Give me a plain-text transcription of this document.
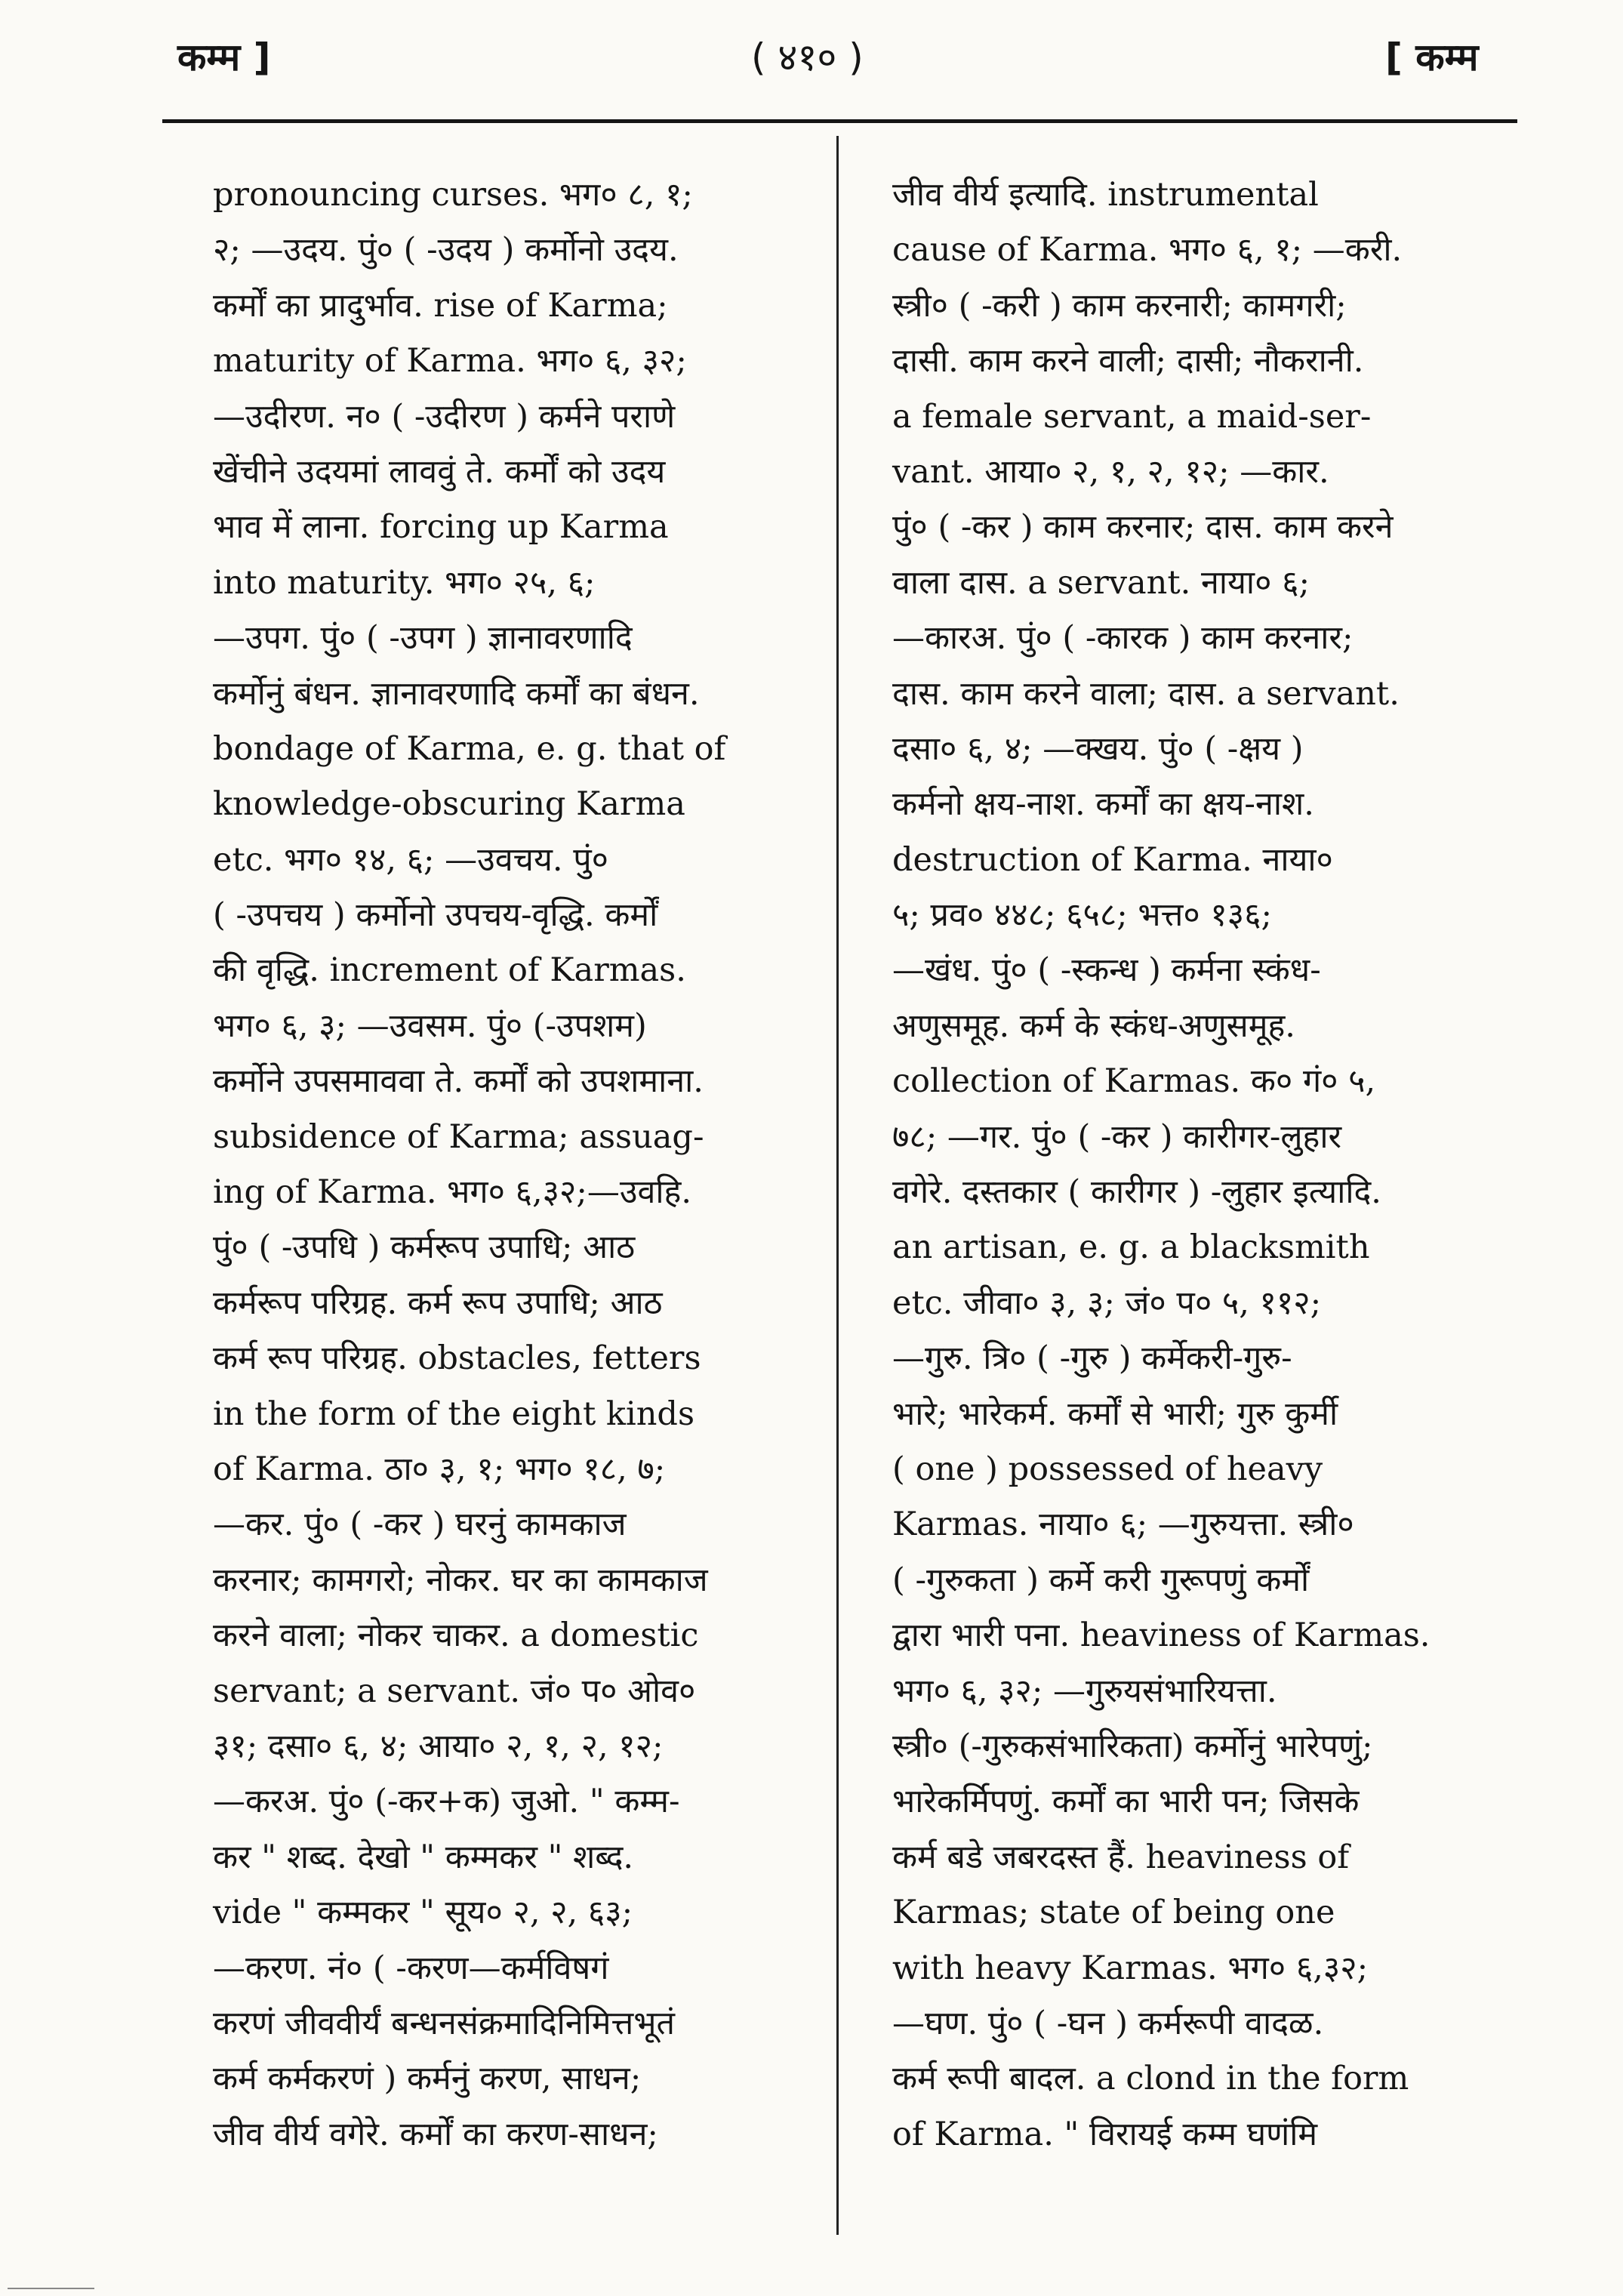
कम्म ]	( ४१० )	[ कम्म
pronouncing curses. भग० ८, १;
२; —उदय. पुं० ( -उदय ) कर्मोनो उदय.
कर्मों का प्रादुर्भाव. rise of Karma;
maturity of Karma. भग० ६, ३२;
—उदीरण. न० ( -उदीरण ) कर्मने पराणे
खेंचीने उदयमां लाववुं ते. कर्मों को उदय
भाव में लाना. forcing up Karma
into maturity. भग० २५, ६;
—उपग. पुं० ( -उपग ) ज्ञानावरणादि
कर्मोनुं बंधन. ज्ञानावरणादि कर्मों का बंधन.
bondage of Karma, e. g. that of
knowledge-obscuring Karma
etc. भग० १४, ६; —उवचय. पुं०
( -उपचय ) कर्मोनो उपचय-वृद्धि. कर्मों
की वृद्धि. increment of Karmas.
भग० ६, ३; —उवसम. पुं० (-उपशम)
कर्मोने उपसमाववा ते. कर्मों को उपशमाना.
subsidence of Karma; assuag-
ing of Karma. भग० ६,३२;—उवहि.
पुं० ( -उपधि ) कर्मरूप उपाधि; आठ
कर्मरूप परिग्रह. कर्म रूप उपाधि; आठ
कर्म रूप परिग्रह. obstacles, fetters
in the form of the eight kinds
of Karma. ठा० ३, १; भग० १८, ७;
—कर. पुं० ( -कर ) घरनुं कामकाज
करनार; कामगरो; नोकर. घर का कामकाज
करने वाला; नोकर चाकर. a domestic
servant; a servant. जं० प० ओव०
३१; दसा० ६, ४; आया० २, १, २, १२;
—करअ. पुं० (-कर+क) जुओ. " कम्म-
कर " शब्द. देखो " कम्मकर " शब्द.
vide " कम्मकर " सूय० २, २, ६३;
—करण. नं० ( -करण—कर्मविषगं
करणं जीववीर्यं बन्धनसंक्रमादिनिमित्तभूतं
कर्म कर्मकरणं ) कर्मनुं करण, साधन;
जीव वीर्य वगेरे. कर्मों का करण-साधन;
जीव वीर्य इत्यादि. instrumental
cause of Karma. भग० ६, १; —करी.
स्त्री० ( -करी ) काम करनारी; कामगरी;
दासी. काम करने वाली; दासी; नौकरानी.
a female servant, a maid-ser-
vant. आया० २, १, २, १२; —कार.
पुं० ( -कर ) काम करनार; दास. काम करने
वाला दास. a servant. नाया० ६;
—कारअ. पुं० ( -कारक ) काम करनार;
दास. काम करने वाला; दास. a servant.
दसा० ६, ४; —क्खय. पुं० ( -क्षय )
कर्मनो क्षय-नाश. कर्मों का क्षय-नाश.
destruction of Karma. नाया०
५; प्रव० ४४८; ६५८; भत्त० १३६;
—खंध. पुं० ( -स्कन्ध ) कर्मना स्कंध-
अणुसमूह. कर्म के स्कंध-अणुसमूह.
collection of Karmas. क० गं० ५,
७८; —गर. पुं० ( -कर ) कारीगर-लुहार
वगेरे. दस्तकार ( कारीगर ) -लुहार इत्यादि.
an artisan, e. g. a blacksmith
etc. जीवा० ३, ३; जं० प० ५, ११२;
—गुरु. त्रि० ( -गुरु ) कर्मेकरी-गुरु-
भारे; भारेकर्म. कर्मों से भारी; गुरु कुर्मी
( one ) possessed of heavy
Karmas. नाया० ६; —गुरुयत्ता. स्त्री०
( -गुरुकता ) कर्मे करी गुरूपणुं कर्मों
द्वारा भारी पना. heaviness of Karmas.
भग० ६, ३२; —गुरुयसंभारियत्ता.
स्त्री० (-गुरुकसंभारिकता) कर्मोनुं भारेपणुं;
भारेकर्मिपणुं. कर्मों का भारी पन; जिसके
कर्म बडे जबरदस्त हैं. heaviness of
Karmas; state of being one
with heavy Karmas. भग० ६,३२;
—घण. पुं० ( -घन ) कर्मरूपी वादळ.
कर्म रूपी बादल. a clond in the form
of Karma. " विरायई कम्म घणंमि
